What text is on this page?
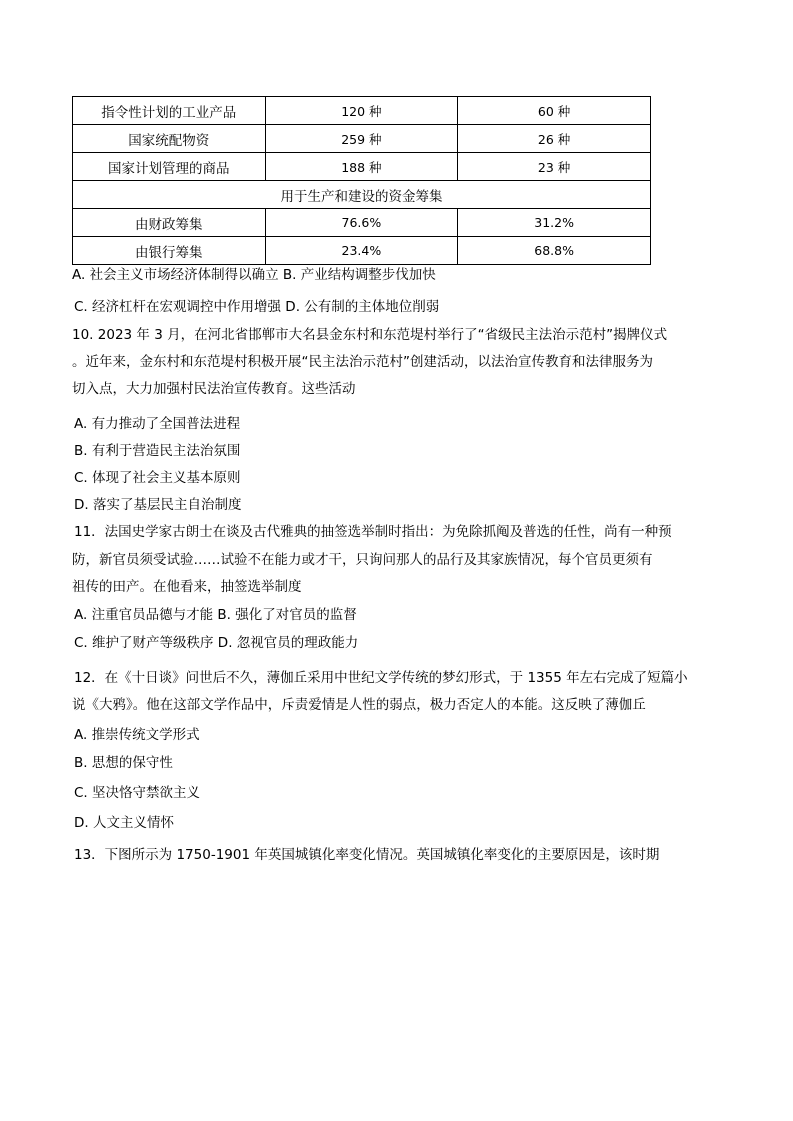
指令性计划的工业产品	120 种	60 种
国家统配物资	259 种	26 种
国家计划管理的商品	188 种	23 种
用于生产和建设的资金筹集		
由财政筹集	76.6%	31.2%
由银行筹集	23.4%	68.8%
A. 社会主义市场经济体制得以确立 B. 产业结构调整步伐加快
C. 经济杠杆在宏观调控中作用增强 D. 公有制的主体地位削弱
10. 2023 年 3 月，在河北省邯郸市大名县金东村和东范堤村举行了“省级民主法治示范村”揭牌仪式
。近年来，金东村和东范堤村积极开展“民主法治示范村”创建活动，以法治宣传教育和法律服务为
切入点，大力加强村民法治宣传教育。这些活动
A. 有力推动了全国普法进程
B. 有利于营造民主法治氛围
C. 体现了社会主义基本原则
D. 落实了基层民主自治制度
11．法国史学家古朗士在谈及古代雅典的抽签选举制时指出：为免除抓阄及普选的任性，尚有一种预
防，新官员须受试验……试验不在能力或才干，只询问那人的品行及其家族情况，每个官员更须有
祖传的田产。在他看来，抽签选举制度
A. 注重官员品德与才能 B. 强化了对官员的监督
C. 维护了财产等级秩序 D. 忽视官员的理政能力
12．在《十日谈》问世后不久，薄伽丘采用中世纪文学传统的梦幻形式，于 1355 年左右完成了短篇小
说《大鸦》。他在这部文学作品中，斥责爱情是人性的弱点，极力否定人的本能。这反映了薄伽丘
A. 推崇传统文学形式
B. 思想的保守性
C. 坚决恪守禁欲主义
D. 人文主义情怀
13．下图所示为 1750-1901 年英国城镇化率变化情况。英国城镇化率变化的主要原因是，该时期
